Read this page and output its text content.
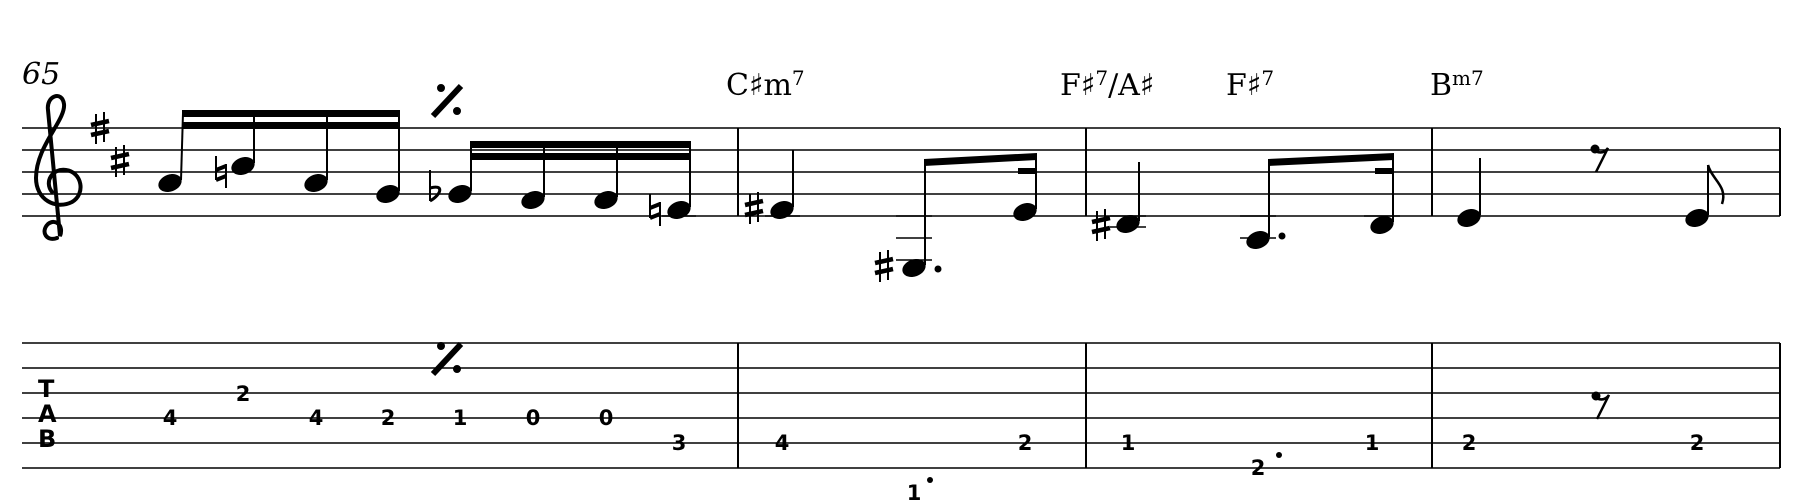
65	$C♯m^7$	F♯$^7$/A♯ F♯$^7$	$B^{m7}$
T
A
B
4
2
4	2	1	0	0
3	4
1
2	1
2
1	2	2
